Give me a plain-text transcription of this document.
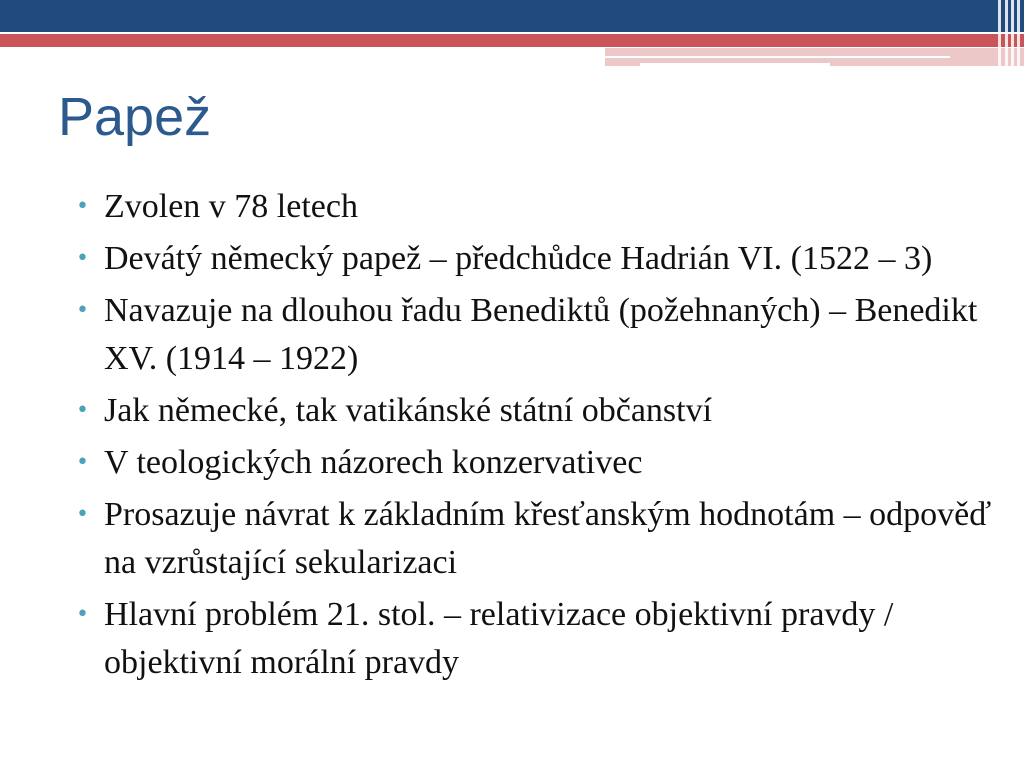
Papež
• Zvolen v 78 letech
• Devátý německý papež – předchůdce Hadrián VI. (1522 – 3)
• Navazuje na dlouhou řadu Benediktů (požehnaných) – Benedikt XV. (1914 – 1922)
• Jak německé, tak vatikánské státní občanství
• V teologických názorech konzervativec
• Prosazuje návrat k základním křesťanským hodnotám – odpověď na vzrůstající sekularizaci
• Hlavní problém 21. stol. – relativizace objektivní pravdy / objektivní morální pravdy
